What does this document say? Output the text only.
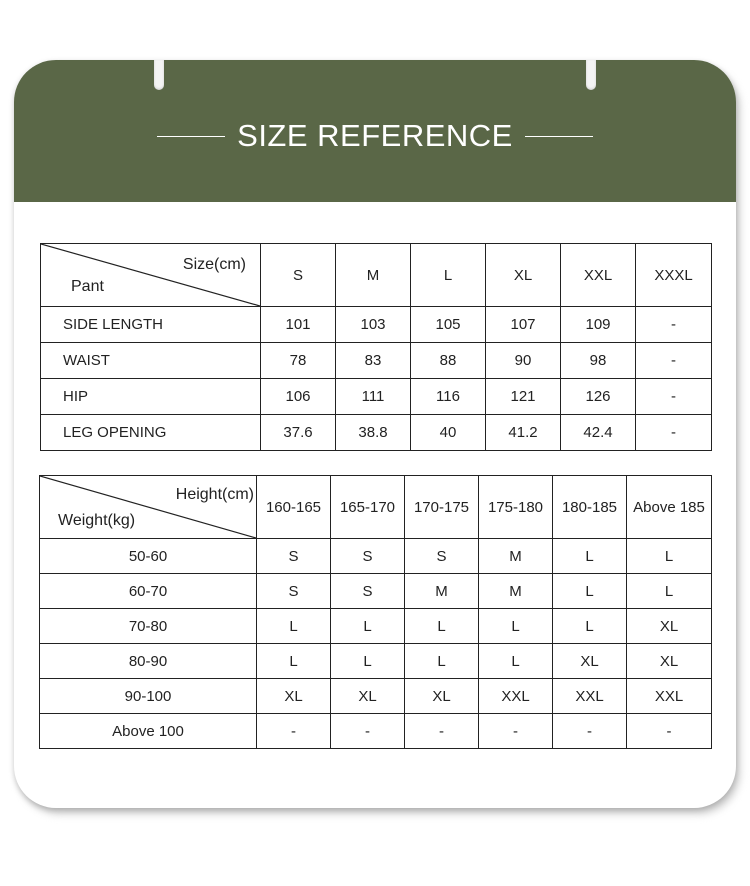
SIZE REFERENCE
Size(cm)
Pant	S	M	L	XL	XXL	XXXL
SIDE LENGTH	101	103	105	107	109	-
WAIST	78	83	88	90	98	-
HIP	106	111	116	121	126	-
LEG OPENING	37.6	38.8	40	41.2	42.4	-
Height(cm)
Weight(kg)	160-165	165-170	170-175	175-180	180-185	Above 185
50-60	S	S	S	M	L	L
60-70	S	S	M	M	L	L
70-80	L	L	L	L	L	XL
80-90	L	L	L	L	XL	XL
90-100	XL	XL	XL	XXL	XXL	XXL
Above 100	-	-	-	-	-	-
